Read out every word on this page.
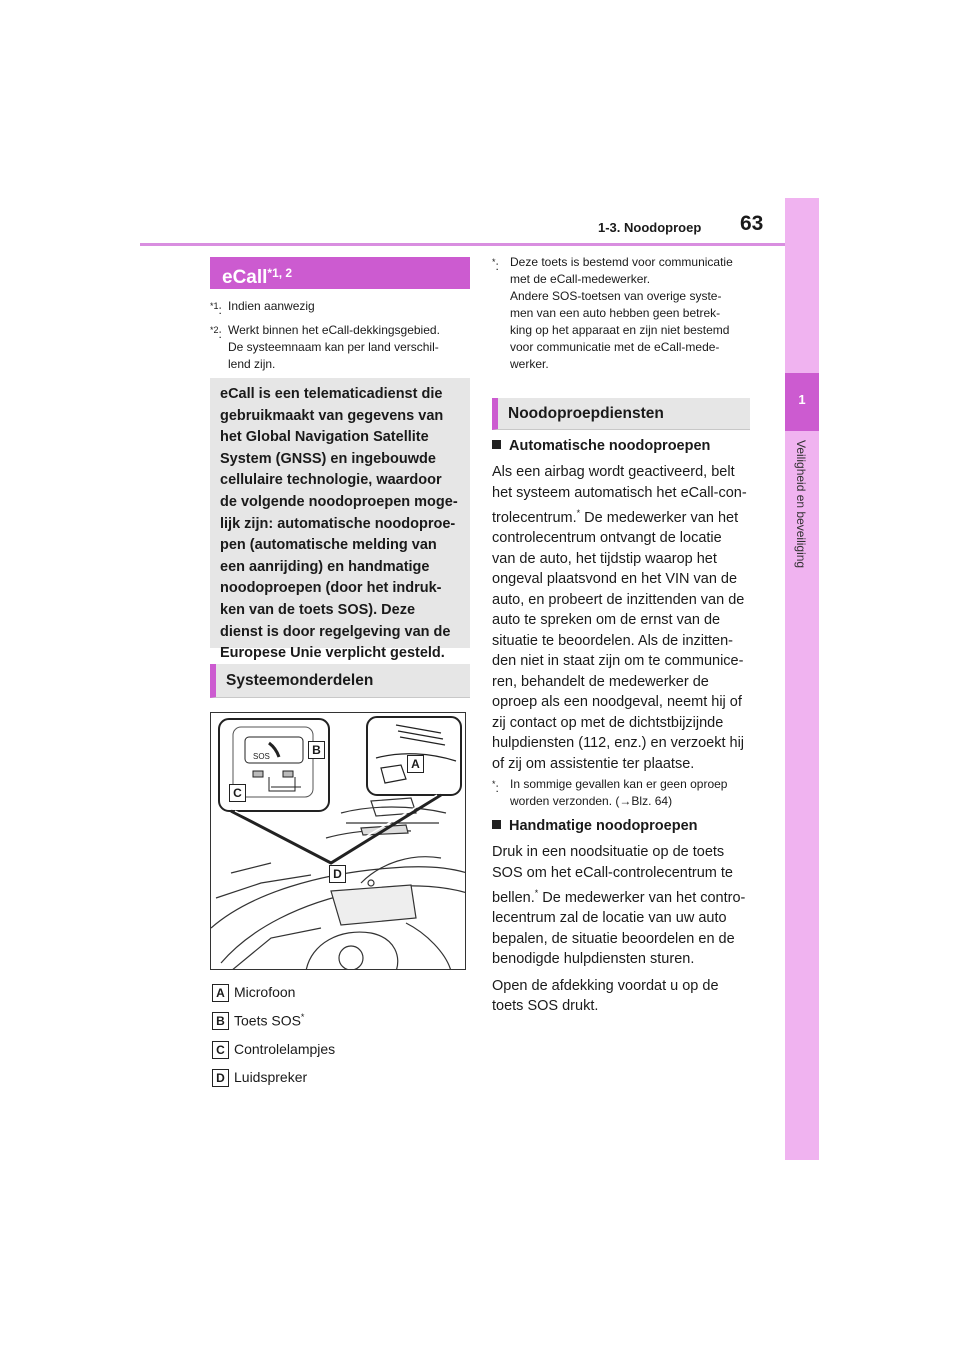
1-3. Noodoproep 63
1
Veiligheid en beveiliging
eCall$^{*1, 2}$
$^{*1}$: Indien aanwezig
$^{*2}$: Werkt binnen het eCall-dekkingsgebied.
De systeemnaam kan per land verschil-
lend zijn.

eCall is een telematicadienst die
gebruikmaakt van gegevens van
het Global Navigation Satellite
System (GNSS) en ingebouwde
cellulaire technologie, waardoor
de volgende noodoproepen moge-
lijk zijn: automatische noodoproe-
pen (automatische melding van
een aanrijding) en handmatige
noodoproepen (door het indruk-
ken van de toets SOS). Deze
dienst is door regelgeving van de
Europese Unie verplicht gesteld.

Systeemonderdelen
SOS	B
A
C
D
A Microfoon
B Toets SOS*
C Controlelampjes
D Luidspreker
*: Deze toets is bestemd voor communicatie
met de eCall-medewerker.
Andere SOS-toetsen van overige syste-
men van een auto hebben geen betrek-
king op het apparaat en zijn niet bestemd
voor communicatie met de eCall-mede-
werker.
Noodoproepdiensten
Automatische noodoproepen
Als een airbag wordt geactiveerd, belt
het systeem automatisch het eCall-con-
trolecentrum.* De medewerker van het
controlecentrum ontvangt de locatie
van de auto, het tijdstip waarop het
ongeval plaatsvond en het VIN van de
auto, en probeert de inzittenden van de
auto te spreken om de ernst van de
situatie te beoordelen. Als de inzitten-
den niet in staat zijn om te communice-
ren, behandelt de medewerker de
oproep als een noodgeval, neemt hij of
zij contact op met de dichtstbijzijnde
hulpdiensten (112, enz.) en verzoekt hij
of zij om assistentie ter plaatse.
*: In sommige gevallen kan er geen oproep
worden verzonden. (→Blz. 64)
Handmatige noodoproepen
Druk in een noodsituatie op de toets
SOS om het eCall-controlecentrum te
bellen.* De medewerker van het contro-
lecentrum zal de locatie van uw auto
bepalen, de situatie beoordelen en de
benodigde hulpdiensten sturen.
Open de afdekking voordat u op de
toets SOS drukt.
